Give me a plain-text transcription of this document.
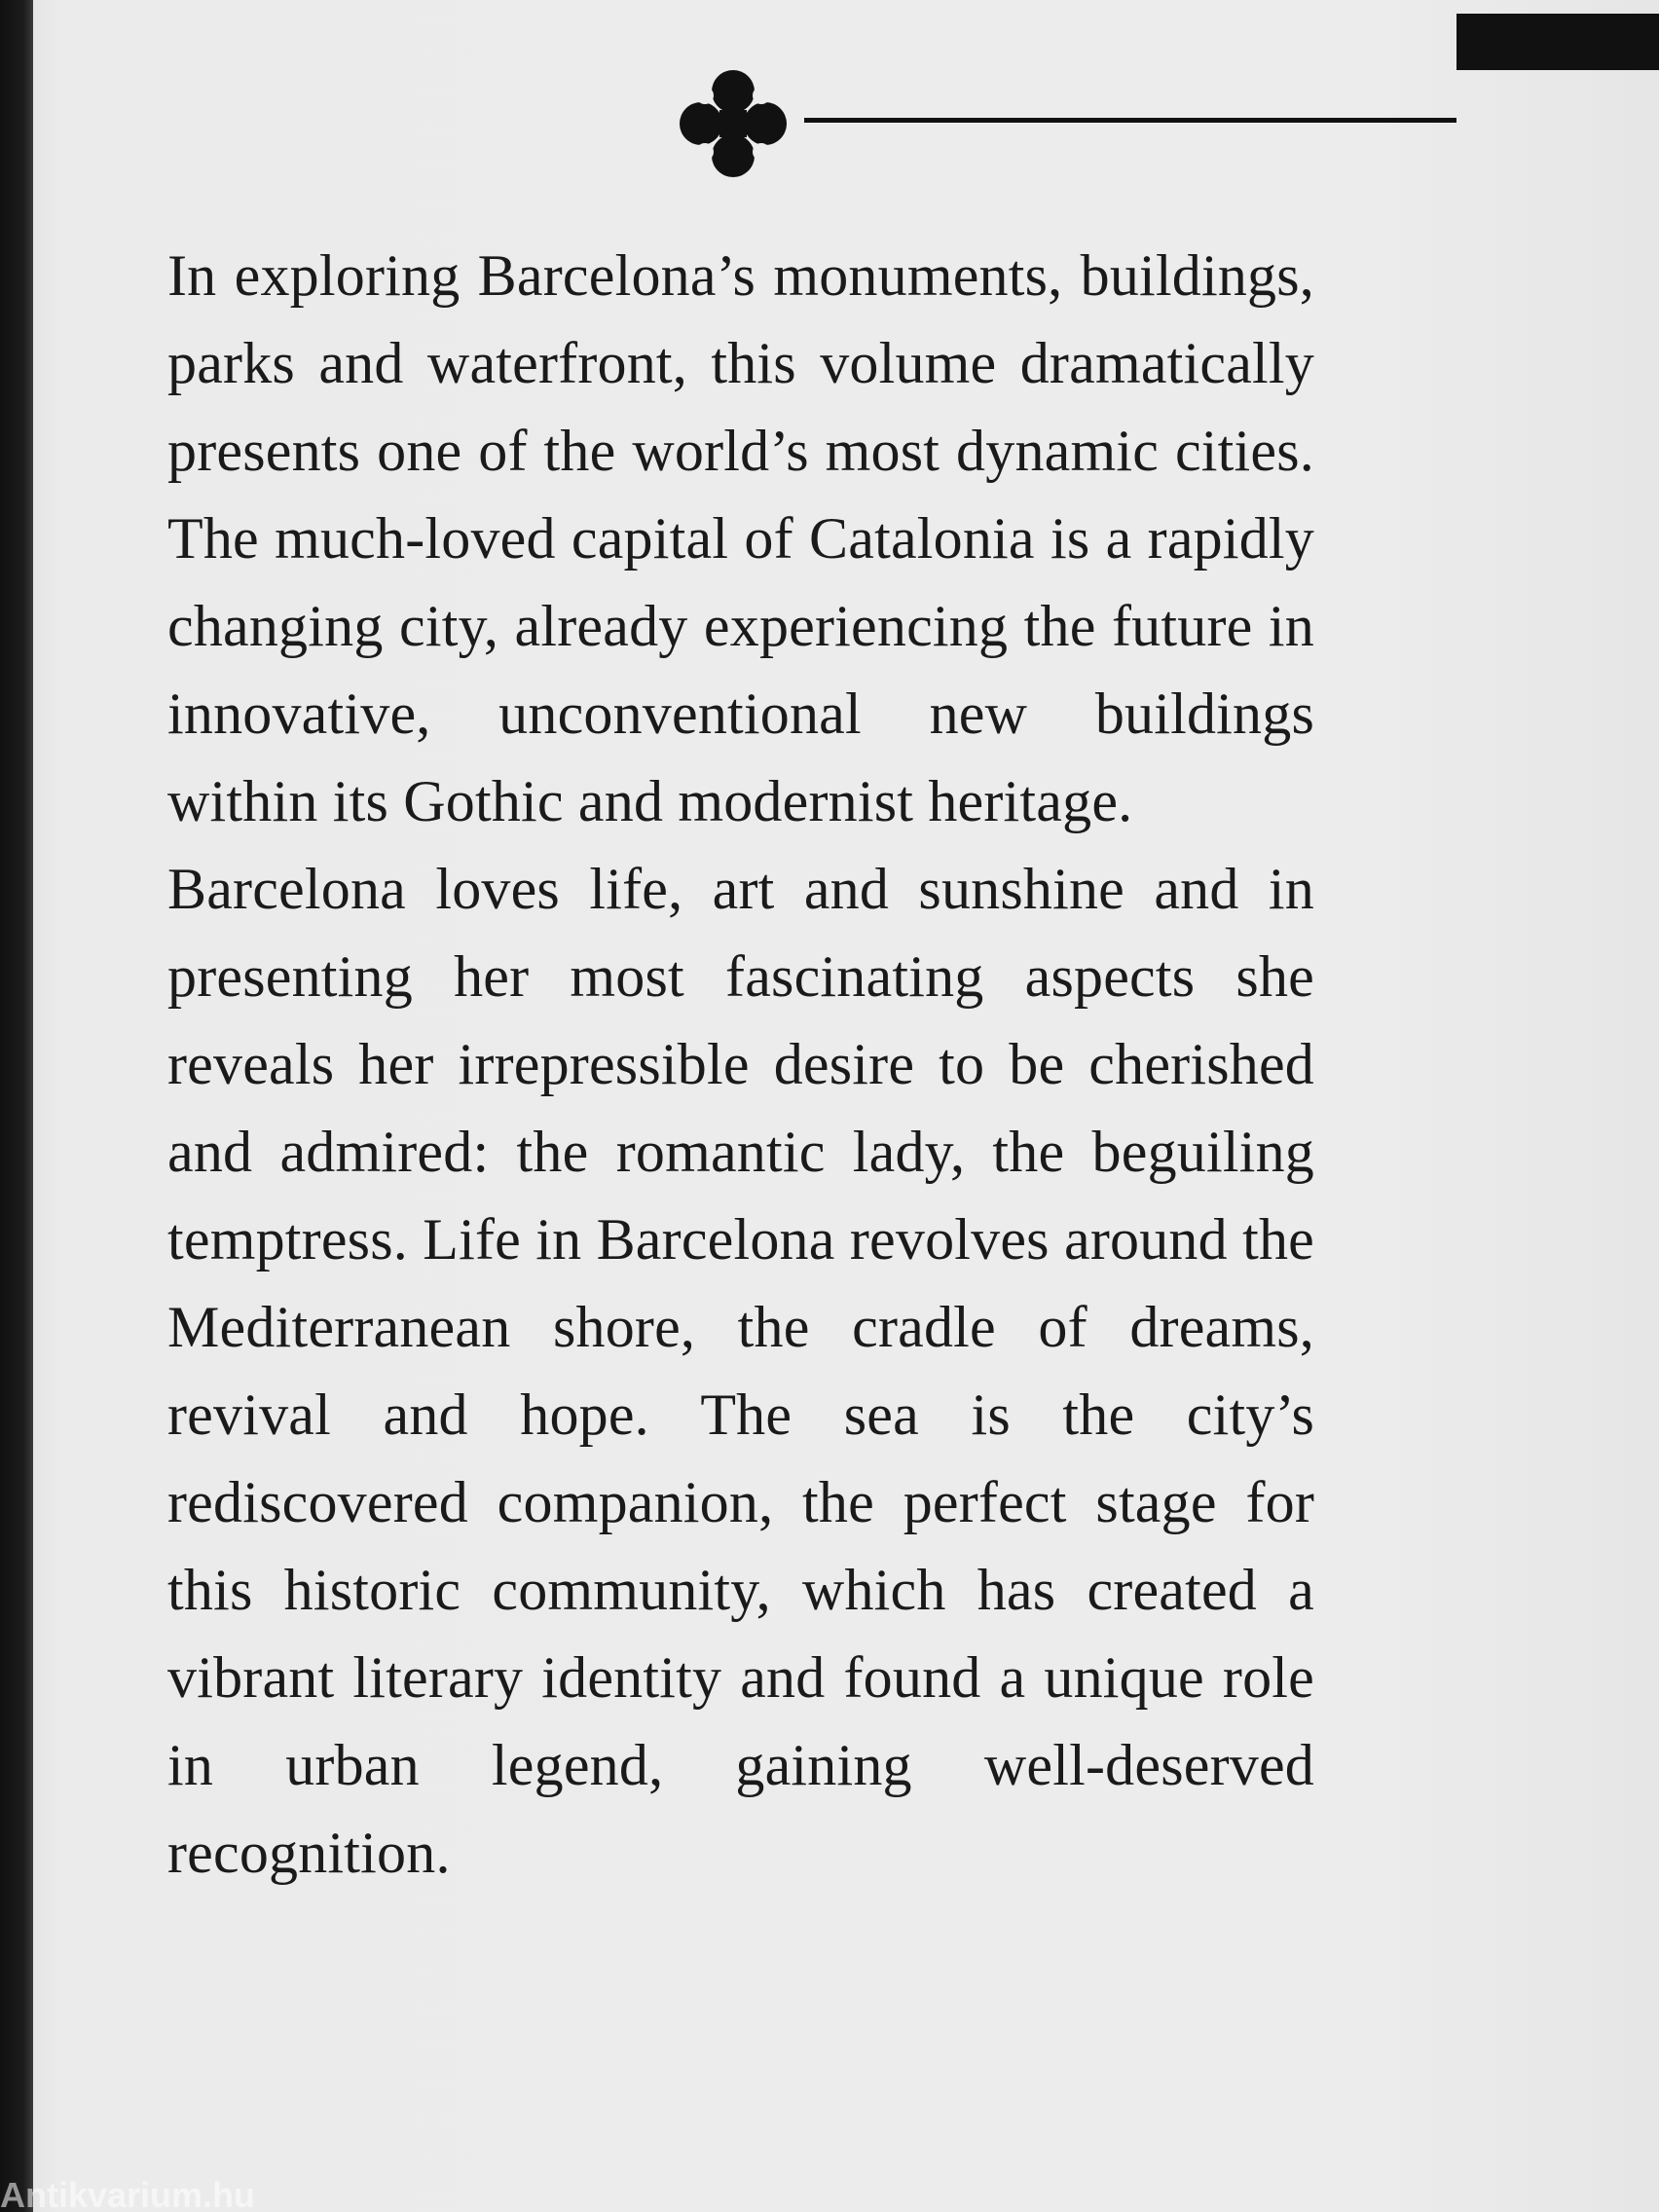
In exploring Barcelona’s monuments, buildings, parks and waterfront, this volume dramatically presents one of the world’s most dynamic cities. The much-loved capital of Catalonia is a rapidly changing city, already experiencing the future in innovative, unconventional new buildings within its Gothic and modernist heritage.

Barcelona loves life, art and sunshine and in presenting her most fascinating aspects she reveals her irrepressible desire to be cherished and admired: the romantic lady, the beguiling temptress. Life in Barcelona revolves around the Mediterranean shore, the cradle of dreams, revival and hope. The sea is the city’s rediscovered companion, the perfect stage for this historic community, which has created a vibrant literary identity and found a unique role in urban legend, gaining well-deserved recognition.

Antikvarium.hu
